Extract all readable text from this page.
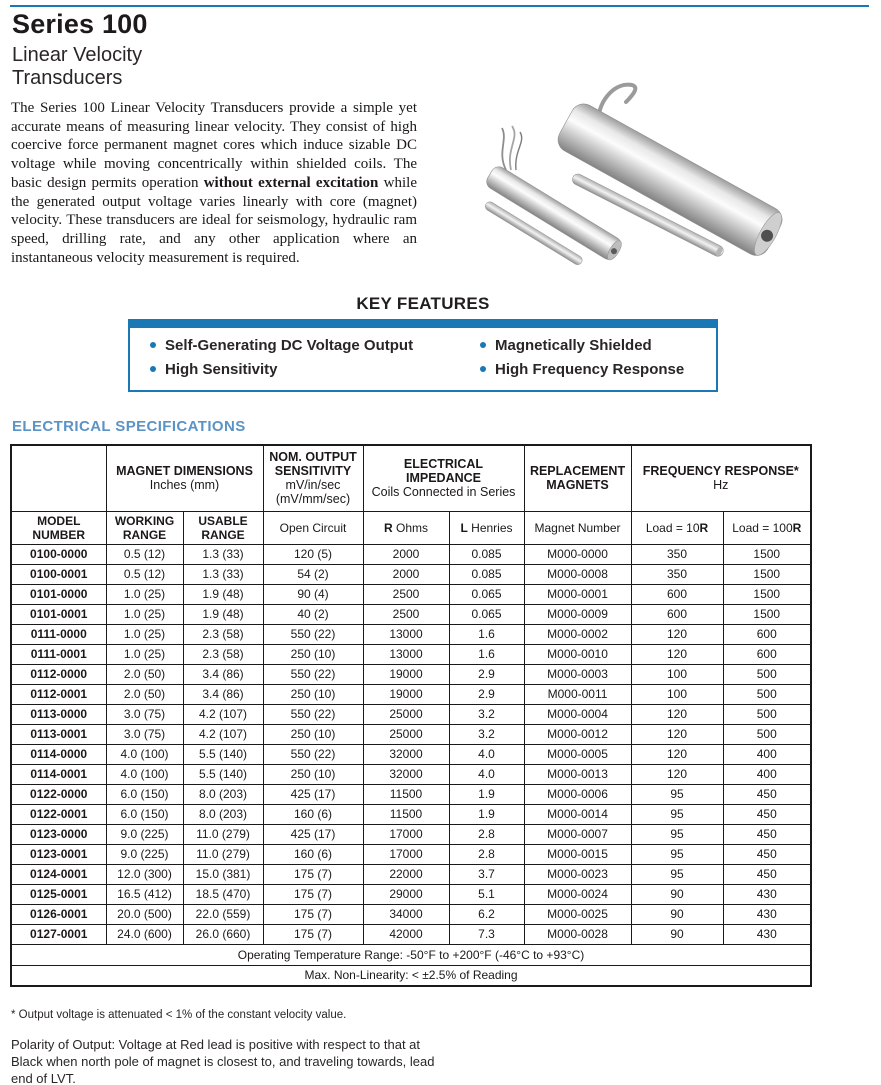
Series 100
Linear Velocity
Transducers

The Series 100 Linear Velocity Transducers provide a simple yet accurate means of measuring linear velocity. They consist of high coercive force permanent magnet cores which induce sizable DC voltage while moving concentrically within shielded coils. The basic design permits operation without external excitation while the generated output voltage varies linearly with core (magnet) velocity. These transducers are ideal for seismology, hydraulic ram speed, drilling rate, and any other application where an instantaneous velocity measurement is required.

KEY FEATURES
Self-Generating DC Voltage Output	Magnetically Shielded
High Sensitivity	High Frequency Response
ELECTRICAL SPECIFICATIONS

MAGNET DIMENSIONS
Inches (mm)

NOM. OUTPUT SENSITIVITY
mV/in/sec
(mV/mm/sec)

ELECTRICAL IMPEDANCE
Coils Connected in Series

REPLACEMENT MAGNETS

FREQUENCY RESPONSE*
Hz

MODEL NUMBER	WORKING RANGE	USABLE RANGE	Open Circuit	R Ohms	L Henries	Magnet Number	Load = 10R	Load = 100R
0100-0000	0.5 (12)	1.3 (33)	120 (5)	2000	0.085	M000-0000	350	1500
0100-0001	0.5 (12)	1.3 (33)	54 (2)	2000	0.085	M000-0008	350	1500
0101-0000	1.0 (25)	1.9 (48)	90 (4)	2500	0.065	M000-0001	600	1500
0101-0001	1.0 (25)	1.9 (48)	40 (2)	2500	0.065	M000-0009	600	1500
0111-0000	1.0 (25)	2.3 (58)	550 (22)	13000	1.6	M000-0002	120	600
0111-0001	1.0 (25)	2.3 (58)	250 (10)	13000	1.6	M000-0010	120	600
0112-0000	2.0 (50)	3.4 (86)	550 (22)	19000	2.9	M000-0003	100	500
0112-0001	2.0 (50)	3.4 (86)	250 (10)	19000	2.9	M000-0011	100	500
0113-0000	3.0 (75)	4.2 (107)	550 (22)	25000	3.2	M000-0004	120	500
0113-0001	3.0 (75)	4.2 (107)	250 (10)	25000	3.2	M000-0012	120	500
0114-0000	4.0 (100)	5.5 (140)	550 (22)	32000	4.0	M000-0005	120	400
0114-0001	4.0 (100)	5.5 (140)	250 (10)	32000	4.0	M000-0013	120	400
0122-0000	6.0 (150)	8.0 (203)	425 (17)	11500	1.9	M000-0006	95	450
0122-0001	6.0 (150)	8.0 (203)	160 (6)	11500	1.9	M000-0014	95	450
0123-0000	9.0 (225)	11.0 (279)	425 (17)	17000	2.8	M000-0007	95	450
0123-0001	9.0 (225)	11.0 (279)	160 (6)	17000	2.8	M000-0015	95	450
0124-0001	12.0 (300)	15.0 (381)	175 (7)	22000	3.7	M000-0023	95	450
0125-0001	16.5 (412)	18.5 (470)	175 (7)	29000	5.1	M000-0024	90	430
0126-0001	20.0 (500)	22.0 (559)	175 (7)	34000	6.2	M000-0025	90	430
0127-0001	24.0 (600)	26.0 (660)	175 (7)	42000	7.3	M000-0028	90	430
Operating Temperature Range: -50°F to +200°F (-46°C to +93°C)								
Max. Non-Linearity: < ±2.5% of Reading								
* Output voltage is attenuated < 1% of the constant velocity value.
Polarity of Output: Voltage at Red lead is positive with respect to that at Black when north pole of magnet is closest to, and traveling towards, lead end of LVT.
